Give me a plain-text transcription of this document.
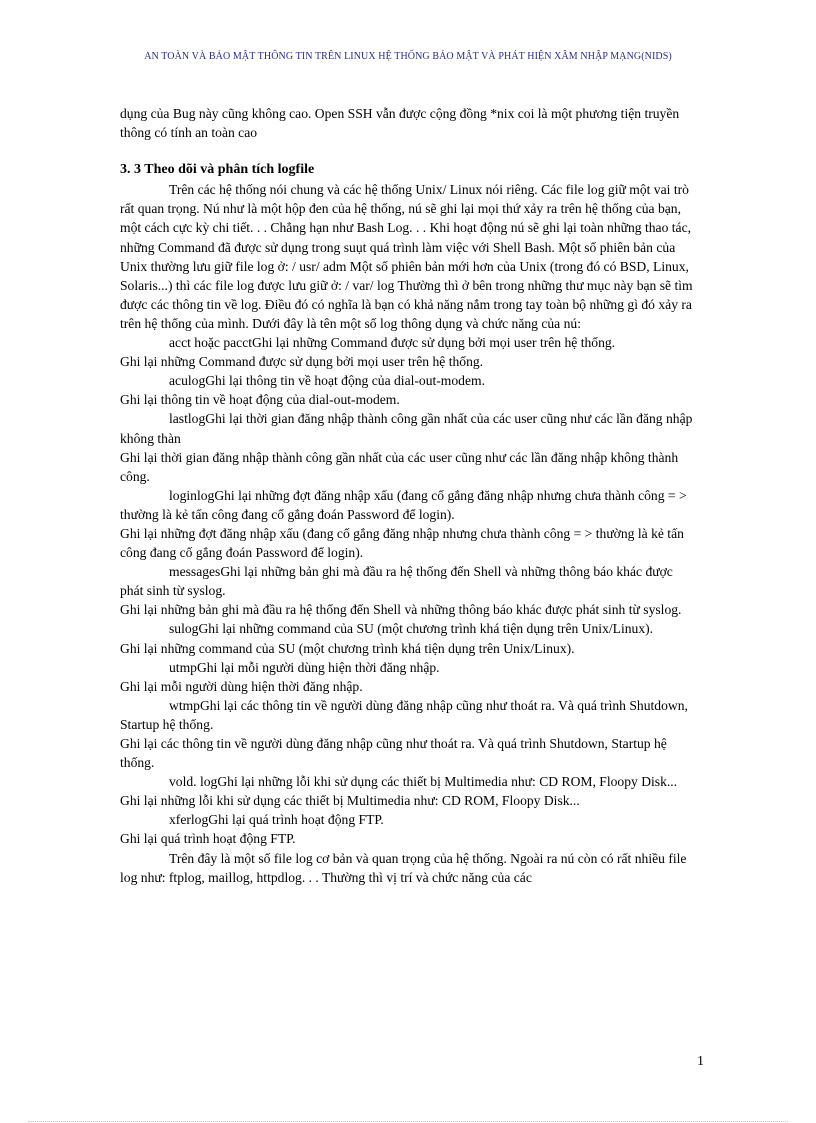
AN TOÀN VÀ BẢO MẬT THÔNG TIN TRÊN LINUX HỆ THỐNG BẢO MẬT VÀ PHÁT HIỆN XÂM NHẬP MẠNG(NIDS)

dụng của Bug này cũng không cao. Open SSH vẫn được cộng đồng *nix coi là một phương tiện truyền thông có tính an toàn cao

3. 3 Theo dõi và phân tích logfile

Trên các hệ thống nói chung và các hệ thống Unix/ Linux nói riêng. Các file log giữ một vai trò rất quan trọng. Nú như là một hộp đen của hệ thống, nú sẽ ghi lại mọi thứ xảy ra trên hệ thống của bạn, một cách cực kỳ chi tiết. . . Chẳng hạn như Bash Log. . . Khi hoạt động nú sẽ ghi lại toàn những thao tác, những Command đã được sử dụng trong suụt quá trình làm việc với Shell Bash. Một số phiên bản của Unix thường lưu giữ file log ở: / usr/ adm Một số phiên bản mới hơn của Unix (trong đó có BSD, Linux, Solaris...) thì các file log được lưu giữ ở: / var/ log Thường thì ở bên trong những thư mục này bạn sẽ tìm được các thông tin về log. Điều đó có nghĩa là bạn có khả năng nắm trong tay toàn bộ những gì đó xảy ra trên hệ thống của mình. Dưới đây là tên một số log thông dụng và chức năng của nú:

acct hoặc pacctGhi lại những Command được sử dụng bởi mọi user trên hệ thống.

Ghi lại những Command được sử dụng bởi mọi user trên hệ thống.

aculogGhi lại thông tin về hoạt động của dial-out-modem.

Ghi lại thông tin về hoạt động của dial-out-modem.

lastlogGhi lại thời gian đăng nhập thành công gần nhất của các user cũng như các lần đăng nhập không thàn

Ghi lại thời gian đăng nhập thành công gần nhất của các user cũng như các lần đăng nhập không thành công.

loginlogGhi lại những đợt đăng nhập xấu (đang cố gắng đăng nhập nhưng chưa thành công = > thường là kẻ tấn công đang cố gắng đoán Password để login).

Ghi lại những đợt đăng nhập xấu (đang cố gắng đăng nhập nhưng chưa thành công = > thường là kẻ tấn công đang cố gắng đoán Password để login).

messagesGhi lại những bản ghi mà đầu ra hệ thống đến Shell và những thông báo khác được phát sinh từ syslog.

Ghi lại những bản ghi mà đầu ra hệ thống đến Shell và những thông báo khác được phát sinh từ syslog.

sulogGhi lại những command của SU (một chương trình khá tiện dụng trên Unix/Linux).

Ghi lại những command của SU (một chương trình khá tiện dụng trên Unix/Linux).

utmpGhi lại mỗi người dùng hiện thời đăng nhập.

Ghi lại mỗi người dùng hiện thời đăng nhập.

wtmpGhi lại các thông tin về người dùng đăng nhập cũng như thoát ra. Và quá trình Shutdown, Startup hệ thống.

Ghi lại các thông tin về người dùng đăng nhập cũng như thoát ra. Và quá trình Shutdown, Startup hệ thống.

vold. logGhi lại những lỗi khi sử dụng các thiết bị Multimedia như: CD ROM, Floopy Disk...

Ghi lại những lỗi khi sử dụng các thiết bị Multimedia như: CD ROM, Floopy Disk...

xferlogGhi lại quá trình hoạt động FTP.

Ghi lại quá trình hoạt động FTP.

Trên đây là một số file log cơ bản và quan trọng của hệ thống. Ngoài ra nú còn có rất nhiều file log như: ftplog, maillog, httpdlog. . . Thường thì vị trí và chức năng của các

1
